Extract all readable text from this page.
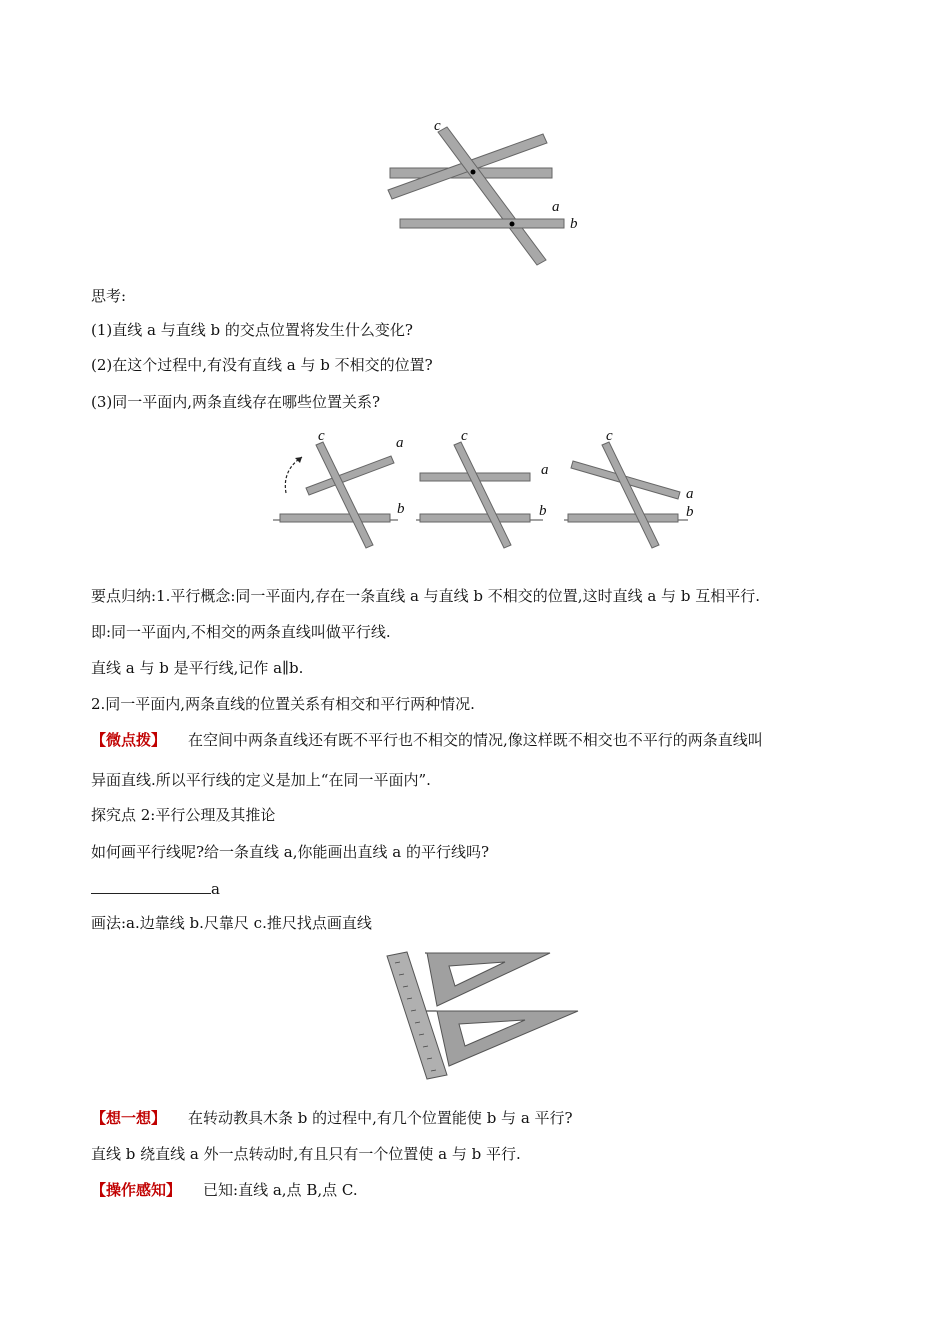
c
a
b
思考:
(1)直线 a 与直线 b 的交点位置将发生什么变化?
(2)在这个过程中,有没有直线 a 与 b 不相交的位置?
(3)同一平面内,两条直线存在哪些位置关系?
c	a
b
c
a
b
c
a
b
要点归纳:1.平行概念:同一平面内,存在一条直线 a 与直线 b 不相交的位置,这时直线 a 与 b 互相平行.
即:同一平面内,不相交的两条直线叫做平行线.
直线 a 与 b 是平行线,记作 a∥b.
2.同一平面内,两条直线的位置关系有相交和平行两种情况.
【微点拨】 在空间中两条直线还有既不平行也不相交的情况,像这样既不相交也不平行的两条直线叫
异面直线.所以平行线的定义是加上“在同一平面内”.
探究点 2:平行公理及其推论
如何画平行线呢?给一条直线 a,你能画出直线 a 的平行线吗?
a
画法:a.边靠线 b.尺靠尺 c.推尺找点画直线
【想一想】 在转动教具木条 b 的过程中,有几个位置能使 b 与 a 平行?
直线 b 绕直线 a 外一点转动时,有且只有一个位置使 a 与 b 平行.
【操作感知】 已知:直线 a,点 B,点 C.
